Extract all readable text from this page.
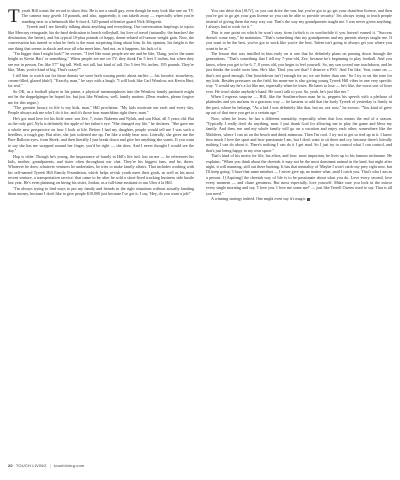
Tyrsek Hill wants the record to show this: He is not a small guy, even though he may look like one on TV. The camera may giveth 10 pounds, and also, apparently, it can taketh away — especially when you're standing next to a behemoth like 6-foot-4, 320-pound offensive guard Nick Allegretti.

Tyreek and I are literally talking about anything and everything. Our conversation leapfrogs to topics like Mercury retrograde, his do-hard dedication to beach volleyball, his love of travel (naturally: the beaches! the destination, the better), and his typical 10-plus pounds of happy, donut-related off-season weight gain. Now, the conversation has turned to what he feels is the most surprising thing about him. In his opinion, his height is the one thing that seems to shock and awe all who meet him. And not, as it happens, his lack of it.

"I'm bigger than I might look!" he swears. "I feel like most people see me and be like, 'Dang, you're the same height as Kevin Hart' or something." When people see me on TV, they think I'm 5 feet 5 inches, but when they see me in person, I'm like 5'7" big tall. Well, not tall, but kind of tall. I'm 5 feet 9¼ inches, 195 pounds. They're like, 'Man, you're kind of big. That's crazy!'"

I tell him to watch out for those donuts we were both waxing poetic about earlier — his favorite: strawberry, cream-filled, glazed (duh!). "Exactly, man," he says with a laugh. "I will look like Carl Winslow, not Kevin Hart, for real."

So OK, as a football player in his prime, a physical metamorphosis into the Winslow family patriarch might not be the doppelgänger he hoped for, but just like Winslow, well, family matters. (Dear readers, please forgive me for this segue.)

"The greatest luxury in life is my kids, man," Hill proclaims. "My kids motivate me each and every day. People always ask me who I do it for, and it's those four munchkins right there, man."

He's got mad love for his little ones: son Zev, 7, twins Nakeem and Nylah, and son Khai, all 5 years old. But as the only girl, Nyla is definitely the apple of her father's eye. "She changed my life," he declares. "She gave me a whole new perspective on how I look at life. Before I had my daughter, people would tell me I was such a heedless, a tough guy. But after, she just softened me up. I'm like a teddy bear now. Literally, she gives me the Pure Balloon eyes, from Shrek, and then literally I just break down and give her anything she wants. If you want to say she has me wrapped around her finger, you'd be right — she does. And I never thought I would see the day."

Hop is older. Though he's young, the importance of family in Hill's life isn't lost on me — he references his kids, mother, grandparents, and sister often throughout our chat. They're his biggest fans, and he, theirs. Whatever he does, whatever ventures he undertakes, he tries to make family affairs. That includes working with his self-named Tyreek Hill Family Foundation, which helps at-risk youth meet their goals, as well as his most recent venture, a transportation service, that came to be after he sold a short-lived trucking business side hustle last year. He's even planning on hiring his sister, Jordan, as a full-time assistant to run Uber à la Hill.

"I'm always trying to find ways to put my family and friends in the right situations without actually handing them money, because I don't like to give people $10,000 just because I've got it. I say, 'Hey, do you want a job?'

You can drive this [SUV], or you can drive the van, but you've got to go get your chauffeur license, and then you've got to go get your gun license so you can be able to provide security.' I'm always trying to teach people instead of giving them the easy way out. That's the way my grandparents taught me. I was never given anything. I always had to work for it."

This is one point on which he won't stray from (which is in worthwhile if you haven't earned it. "Success doesn't come easy," he maintains. "That's something that my grandparents and my parents always taught me. If you want to be the best, you've got to work like you're the best. Talent isn't going to always get you where you want to be at."

The lesson that was instilled in him early on is one that he definitely plans on passing down through the generations. "That's something that I tell my 7-year-old, Zev, because he's beginning to play football. And you know, when you get to be 6, 7, 8 years old, you begin to feel yourself. So, my son scored one touchdown, and he just thinks the world owes him. He's like, 'Dad, you see that? I deserve a PS5.' And I'm like, 'Son, come on — that's not good enough. One [touchdown isn't] enough for us; we are better than one.' So I try to set the tone for my kids. Besides pressures on the field, his mom-me is also giving young Tyreek Hill vibes in one very specific way. "I would say he's a lot like me, especially when he loses. He hates to lose — he's like, the worst sort of loser ever. He won't shake anybody's hand. He won't talk to you. So, yeah, he's just like me."

When I express surprise — Hill, like the Southern-born man he is, peppers his speech with a plethora of platitudes and yes ma'ams in a gracious way — he hastens to add that the burly Tyreek of yesterday is firmly in the past, where he belongs. "As a kid I was definitely like that, but no, not now," he swears. "You kind of grew up out of that once you get to a certain age."

Now, when he loses, he has a different mentality, especially when that loss means the end of a season. "Typically I really don't do anything, man. I just thank God for allowing me to play the game and bless my family. And then, me and my whole family will go on a vacation and enjoy each other, somewhere like the Maldives, where I can sit on the beach and drink mimosas. Then I'm cool. I try not to get so tied up in it. I know how much I love the sport and how passionate I am, but I don't want to sit there and cry, because there's literally nothing I can do about it. There's nothing I can do it I get mad. So I just try to control what I can control, and that's just being happy in my own space."

That's kind of his motto for life, his ethos, and how, most important, he lives up to his famous nickname. He explains, "When you think about the cheetah, it may not be the most dominant animal in the land, but night after night, it will manning, still out there hunting. It has that mentality of 'Maybe I won't catch my prey right now, but I'll keep going.' I have that same mindset — I never give up, no matter what, until I catch you. That's who I am as a person. I [Aspiring] the cheetah way of life is to be passionate about what you do. Love every second, love every moment — and chase greatness. But most especially, love yourself. Make sure you look in the mirror every single morning and say, 'I love you. I love me some me!' — just like Terrell Owens used to say. That is all you need."

A winning strategy indeed. One might even say it's magic.

20 TOUCH LIVING | touchliving.com
